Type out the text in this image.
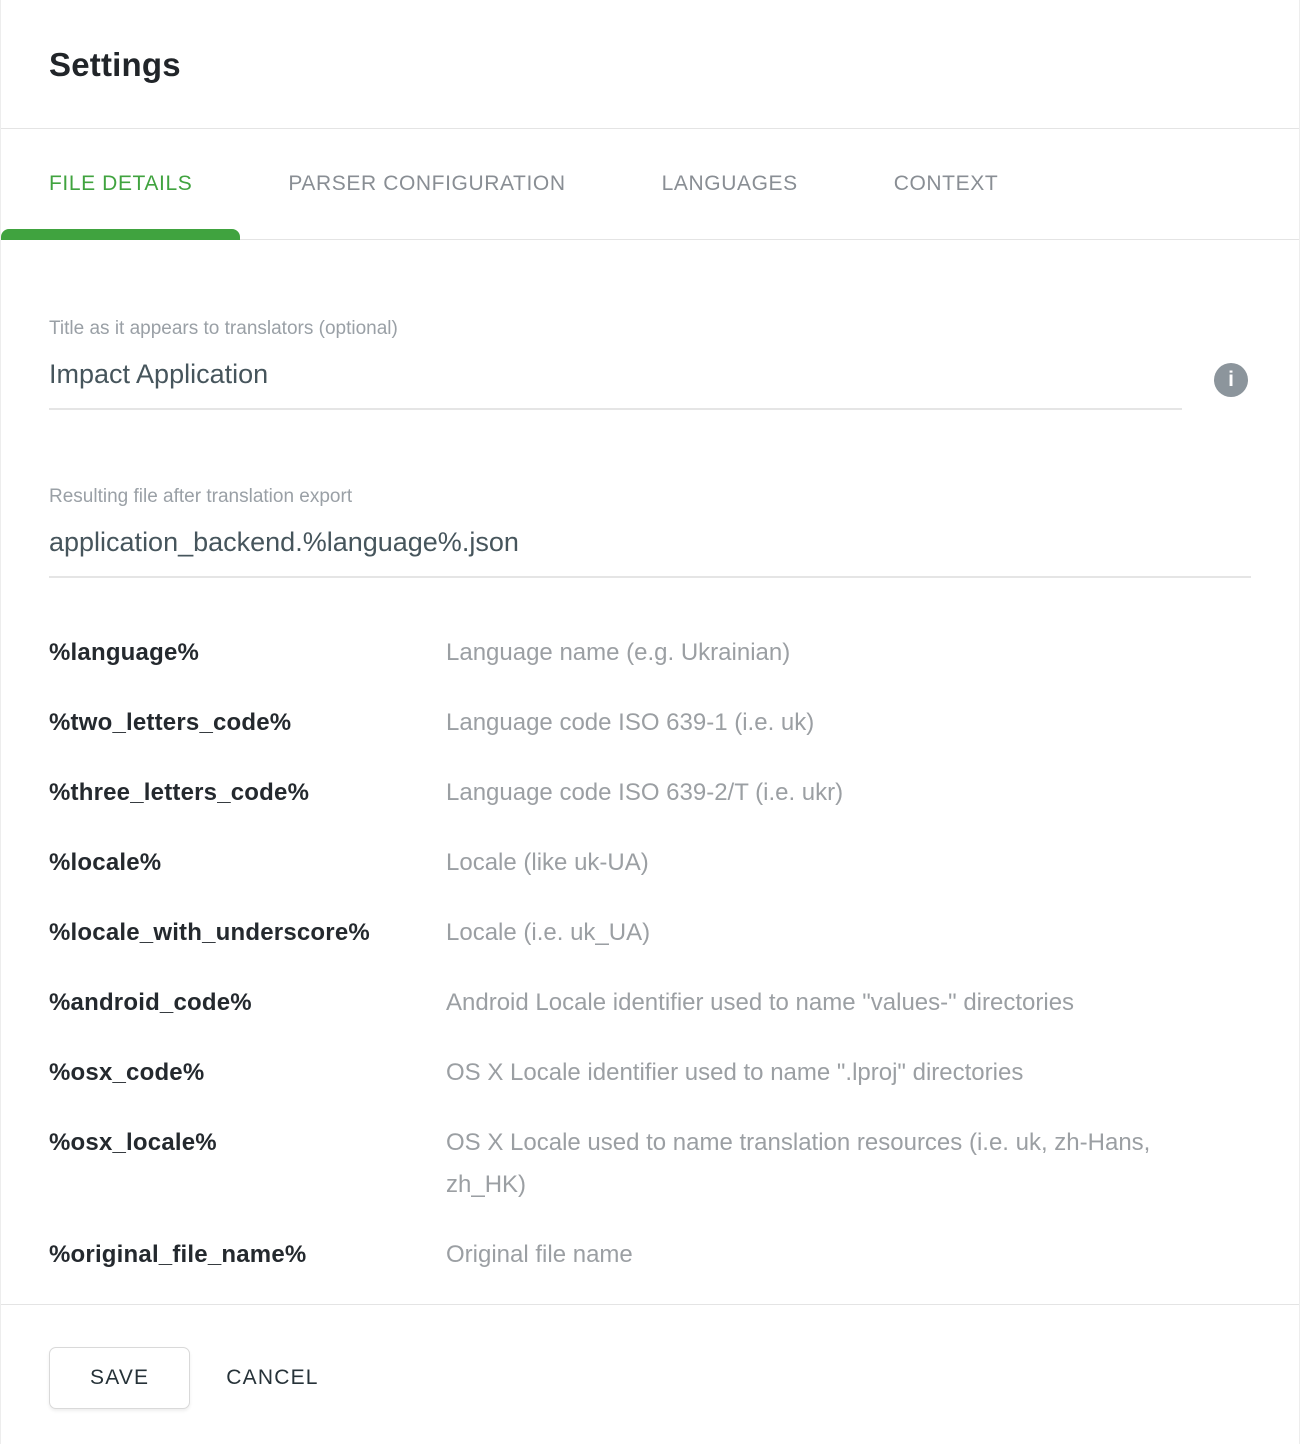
Settings
FILE DETAILS	PARSER CONFIGURATION	LANGUAGES	CONTEXT
Title as it appears to translators (optional)
Impact Application	i
Resulting file after translation export
application_backend.%language%.json
%language%	Language name (e.g. Ukrainian)
%two_letters_code%	Language code ISO 639-1 (i.e. uk)
%three_letters_code%	Language code ISO 639-2/T (i.e. ukr)
%locale%	Locale (like uk-UA)
%locale_with_underscore%	Locale (i.e. uk_UA)
%android_code%	Android Locale identifier used to name "values-" directories
%osx_code%	OS X Locale identifier used to name ".lproj" directories
%osx_locale%	OS X Locale used to name translation resources (i.e. uk, zh-Hans, zh_HK)
%original_file_name%	Original file name
SAVE	CANCEL
